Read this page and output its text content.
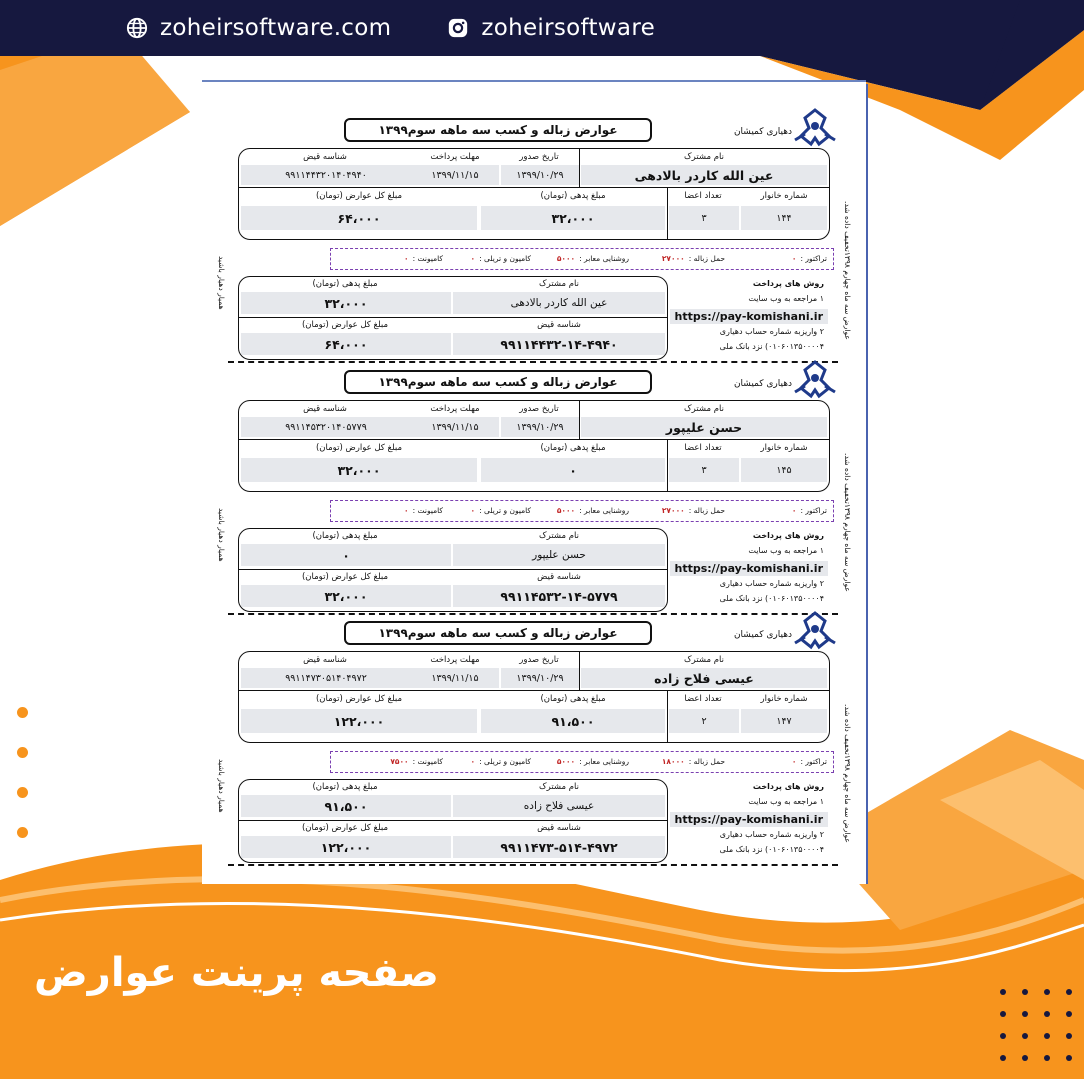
zoheirsoftware.com	zoheirsoftware
عوارض زباله و کسب سه ماهه سوم۱۳۹۹	دهیاری کمیشان
عوارض سه ماه چهارم ۱۳۹۸تخفیف داده شد.
همیار دهیار باشید
نام مشترک
عین الله کاردر بالادهی
تاریخ صدور
۱۳۹۹/۱۰/۲۹
مهلت پرداخت
۱۳۹۹/۱۱/۱۵
شناسه قیض
۹۹۱۱۴۴۳۲۰۱۴۰۴۹۴۰
شماره خانوار
۱۴۴
تعداد اعضا
۳
مبلغ پدهی (تومان)
۳۲،۰۰۰
مبلغ کل عوارض (تومان)
۶۴،۰۰۰
تراکتور :۰
حمل زباله :۲۷۰۰۰
روشنایی معابر :۵۰۰۰
کامیون و تریلی :۰
کامیونت :۰
نام مشترک
عین الله کاردر بالادهی
مبلغ پدهی (تومان)
۳۲،۰۰۰
شناسه قیض
۹۹۱۱۴۴۳۲-۱۴-۴۹۴۰
مبلغ کل عوارض (تومان)
۶۴،۰۰۰
روش های پرداخت
۱ مراجعه به وب سایت
https://pay-komishani.ir
۲ واریزبه شماره حساب دهیاری
۰۱۰۶۰۱۳۵۰۰۰۰۴) نزد بانک ملی
عوارض زباله و کسب سه ماهه سوم۱۳۹۹	دهیاری کمیشان
عوارض سه ماه چهارم ۱۳۹۸تخفیف داده شد.
همیار دهیار باشید
نام مشترک
حسن علیپور
تاریخ صدور
۱۳۹۹/۱۰/۲۹
مهلت پرداخت
۱۳۹۹/۱۱/۱۵
شناسه قیض
۹۹۱۱۴۵۳۲۰۱۴۰۵۷۷۹
شماره خانوار
۱۴۵
تعداد اعضا
۳
مبلغ پدهی (تومان)
۰
مبلغ کل عوارض (تومان)
۳۲،۰۰۰
تراکتور :۰
حمل زباله :۲۷۰۰۰
روشنایی معابر :۵۰۰۰
کامیون و تریلی :۰
کامیونت :۰
نام مشترک
حسن علیپور
مبلغ پدهی (تومان)
۰
شناسه قیض
۹۹۱۱۴۵۳۲-۱۴-۵۷۷۹
مبلغ کل عوارض (تومان)
۳۲،۰۰۰
روش های پرداخت
۱ مراجعه به وب سایت
https://pay-komishani.ir
۲ واریزبه شماره حساب دهیاری
۰۱۰۶۰۱۳۵۰۰۰۰۴) نزد بانک ملی
عوارض زباله و کسب سه ماهه سوم۱۳۹۹	دهیاری کمیشان
عوارض سه ماه چهارم ۱۳۹۸تخفیف داده شد.
همیار دهیار باشید
نام مشترک
عیسی فلاح زاده
تاریخ صدور
۱۳۹۹/۱۰/۲۹
مهلت پرداخت
۱۳۹۹/۱۱/۱۵
شناسه قیض
۹۹۱۱۴۷۳۰۵۱۴۰۴۹۷۲
شماره خانوار
۱۴۷
تعداد اعضا
۲
مبلغ پدهی (تومان)
۹۱،۵۰۰
مبلغ کل عوارض (تومان)
۱۲۲،۰۰۰
تراکتور :۰
حمل زباله :۱۸۰۰۰
روشنایی معابر :۵۰۰۰
کامیون و تریلی :۰
کامیونت :۷۵۰۰
نام مشترک
عیسی فلاح زاده
مبلغ پدهی (تومان)
۹۱،۵۰۰
شناسه قیض
۹۹۱۱۴۷۳-۵۱۴-۴۹۷۲
مبلغ کل عوارض (تومان)
۱۲۲،۰۰۰
روش های پرداخت
۱ مراجعه به وب سایت
https://pay-komishani.ir
۲ واریزبه شماره حساب دهیاری
۰۱۰۶۰۱۳۵۰۰۰۰۴) نزد بانک ملی
صفحه پرینت عوارض
